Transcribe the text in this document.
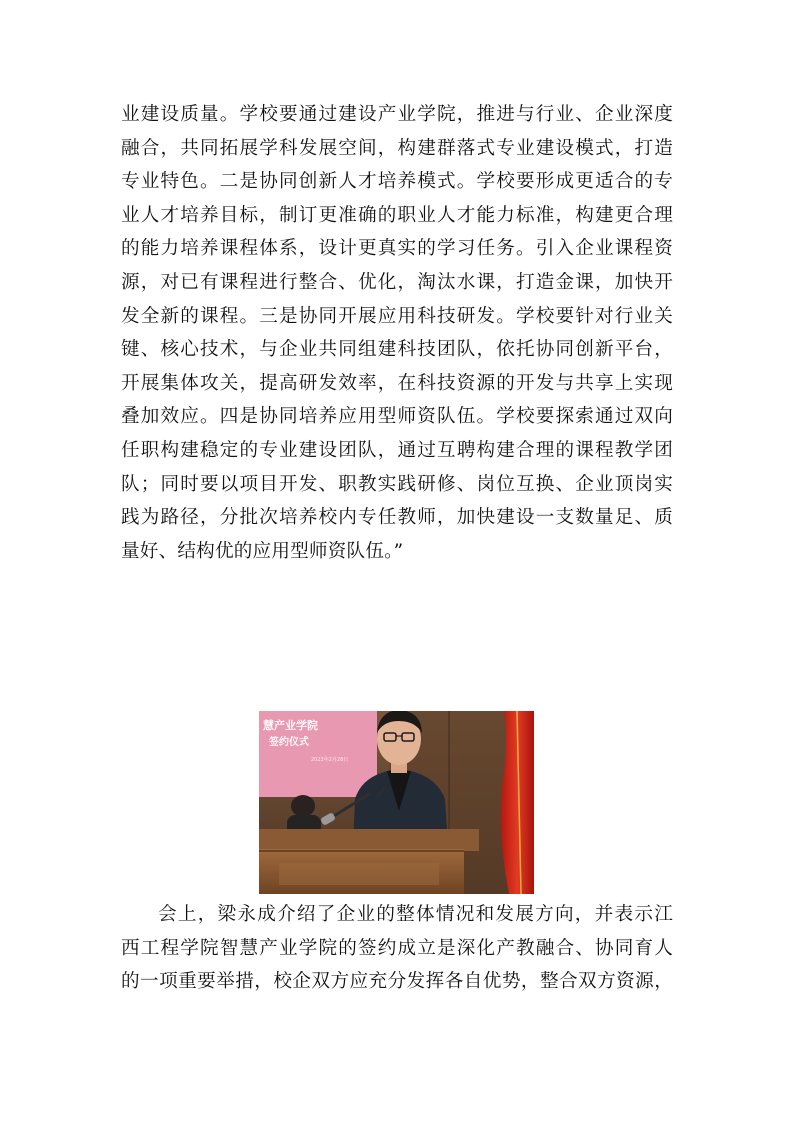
业建设质量。学校要通过建设产业学院，推进与行业、企业深度
融合，共同拓展学科发展空间，构建群落式专业建设模式，打造
专业特色。二是协同创新人才培养模式。学校要形成更适合的专
业人才培养目标，制订更准确的职业人才能力标准，构建更合理
的能力培养课程体系，设计更真实的学习任务。引入企业课程资
源，对已有课程进行整合、优化，淘汰水课，打造金课，加快开
发全新的课程。三是协同开展应用科技研发。学校要针对行业关
键、核心技术，与企业共同组建科技团队，依托协同创新平台，
开展集体攻关，提高研发效率，在科技资源的开发与共享上实现
叠加效应。四是协同培养应用型师资队伍。学校要探索通过双向
任职构建稳定的专业建设团队，通过互聘构建合理的课程教学团
队；同时要以项目开发、职教实践研修、岗位互换、企业顶岗实
践为路径，分批次培养校内专任教师，加快建设一支数量足、质
量好、结构优的应用型师资队伍。”
慧产业学院
签约仪式
2023年2月28日
会上，梁永成介绍了企业的整体情况和发展方向，并表示江
西工程学院智慧产业学院的签约成立是深化产教融合、协同育人
的一项重要举措，校企双方应充分发挥各自优势，整合双方资源，
